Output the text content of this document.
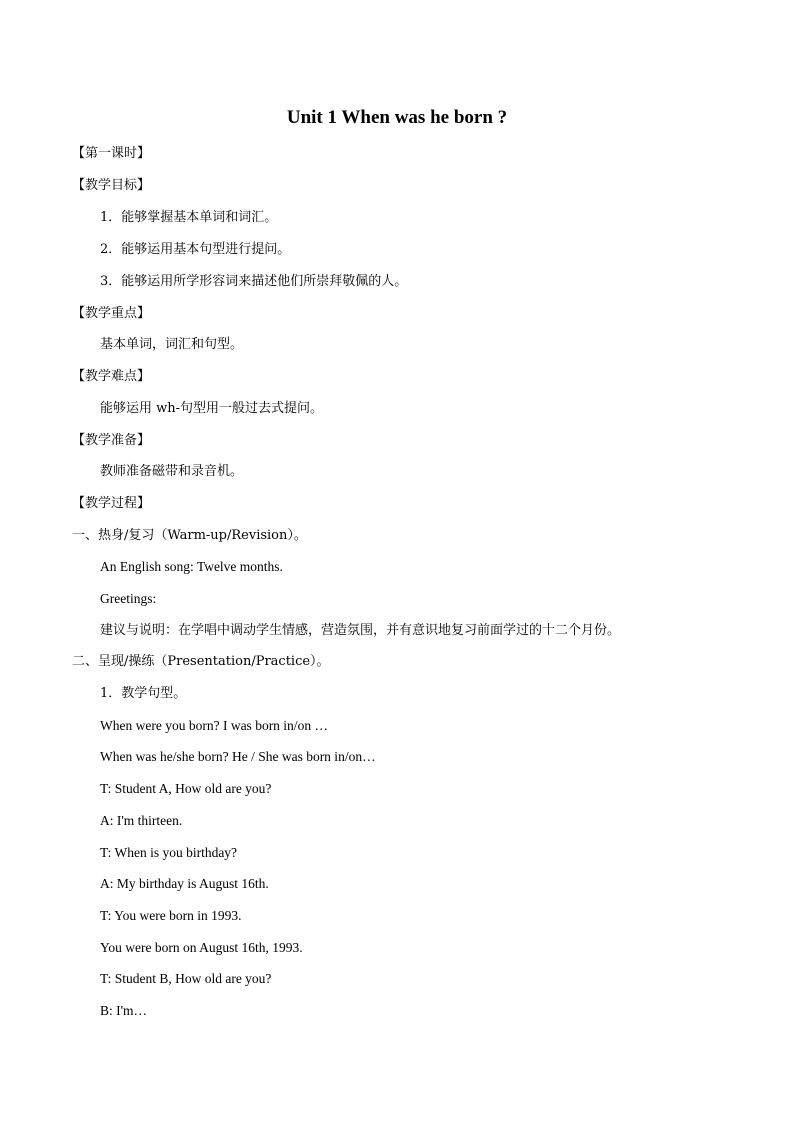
Unit 1 When was he born ?
【第一课时】
【教学目标】
1．能够掌握基本单词和词汇。
2．能够运用基本句型进行提问。
3．能够运用所学形容词来描述他们所崇拜敬佩的人。
【教学重点】
基本单词，词汇和句型。
【教学难点】
能够运用 wh-句型用一般过去式提问。
【教学准备】
教师准备磁带和录音机。
【教学过程】
一、热身/复习（Warm-up/Revision）。
An English song: Twelve months.
Greetings:
建议与说明：在学唱中调动学生情感，营造氛围，并有意识地复习前面学过的十二个月份。
二、呈现/操练（Presentation/Practice）。
1．教学句型。
When were you born? I was born in/on …
When was he/she born? He / She was born in/on…
T: Student A, How old are you?
A: I'm thirteen.
T: When is you birthday?
A: My birthday is August 16th.
T: You were born in 1993.
You were born on August 16th, 1993.
T: Student B, How old are you?
B: I'm…
